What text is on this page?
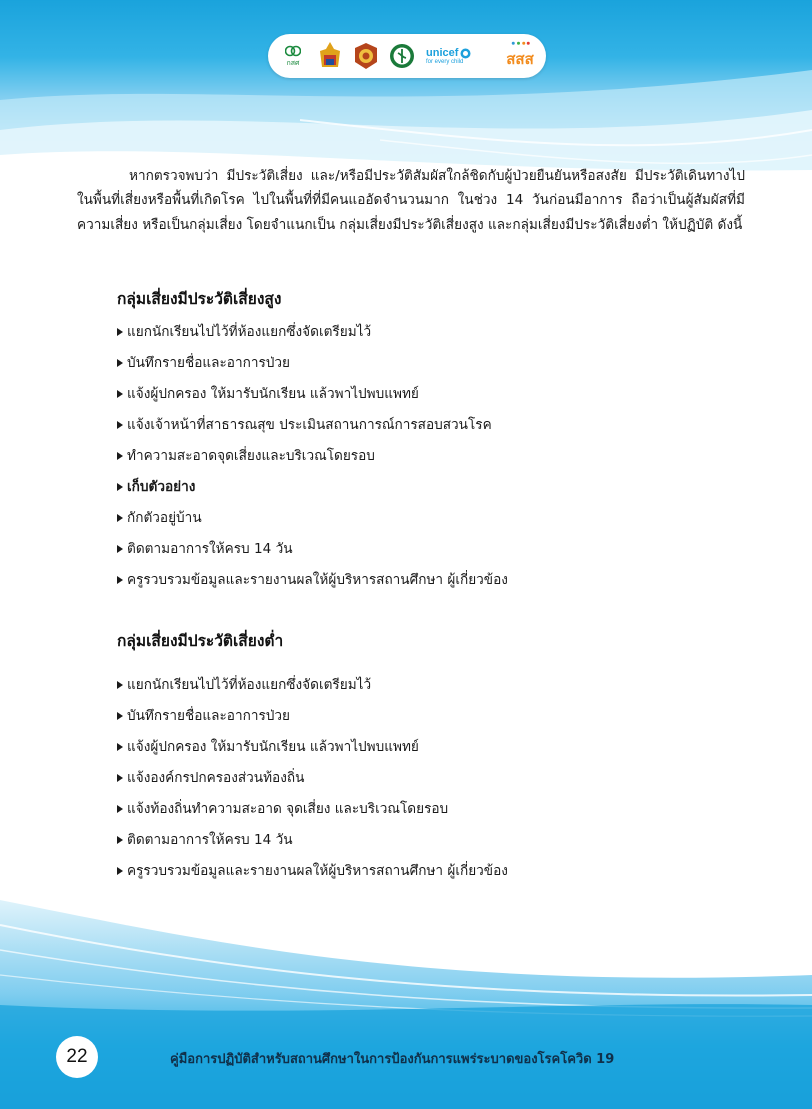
กสศ
unicef
for every child	สสส

หากตรวจพบว่า มีประวัติเสี่ยง และ/หรือมีประวัติสัมผัสใกล้ชิดกับผู้ป่วยยืนยันหรือสงสัย มีประวัติเดินทางไปในพื้นที่เสี่ยงหรือพื้นที่เกิดโรค ไปในพื้นที่ที่มีคนแออัดจำนวนมาก ในช่วง 14 วันก่อนมีอาการ ถือว่าเป็นผู้สัมผัสที่มีความเสี่ยง หรือเป็นกลุ่มเสี่ยง โดยจำแนกเป็น กลุ่มเสี่ยงมีประวัติเสี่ยงสูง และกลุ่มเสี่ยงมีประวัติเสี่ยงต่ำ ให้ปฏิบัติ ดังนี้

กลุ่มเสี่ยงมีประวัติเสี่ยงสูง
แยกนักเรียนไปไว้ที่ห้องแยกซึ่งจัดเตรียมไว้
บันทึกรายชื่อและอาการป่วย
แจ้งผู้ปกครอง ให้มารับนักเรียน แล้วพาไปพบแพทย์
แจ้งเจ้าหน้าที่สาธารณสุข ประเมินสถานการณ์การสอบสวนโรค
ทำความสะอาดจุดเสี่ยงและบริเวณโดยรอบ
เก็บตัวอย่าง
กักตัวอยู่บ้าน
ติดตามอาการให้ครบ 14 วัน
ครูรวบรวมข้อมูลและรายงานผลให้ผู้บริหารสถานศึกษา ผู้เกี่ยวข้อง
กลุ่มเสี่ยงมีประวัติเสี่ยงต่ำ
แยกนักเรียนไปไว้ที่ห้องแยกซึ่งจัดเตรียมไว้
บันทึกรายชื่อและอาการป่วย
แจ้งผู้ปกครอง ให้มารับนักเรียน แล้วพาไปพบแพทย์
แจ้งองค์กรปกครองส่วนท้องถิ่น
แจ้งท้องถิ่นทำความสะอาด จุดเสี่ยง และบริเวณโดยรอบ
ติดตามอาการให้ครบ 14 วัน
ครูรวบรวมข้อมูลและรายงานผลให้ผู้บริหารสถานศึกษา ผู้เกี่ยวข้อง
22	คู่มือการปฏิบัติสำหรับสถานศึกษาในการป้องกันการแพร่ระบาดของโรคโควิด 19
